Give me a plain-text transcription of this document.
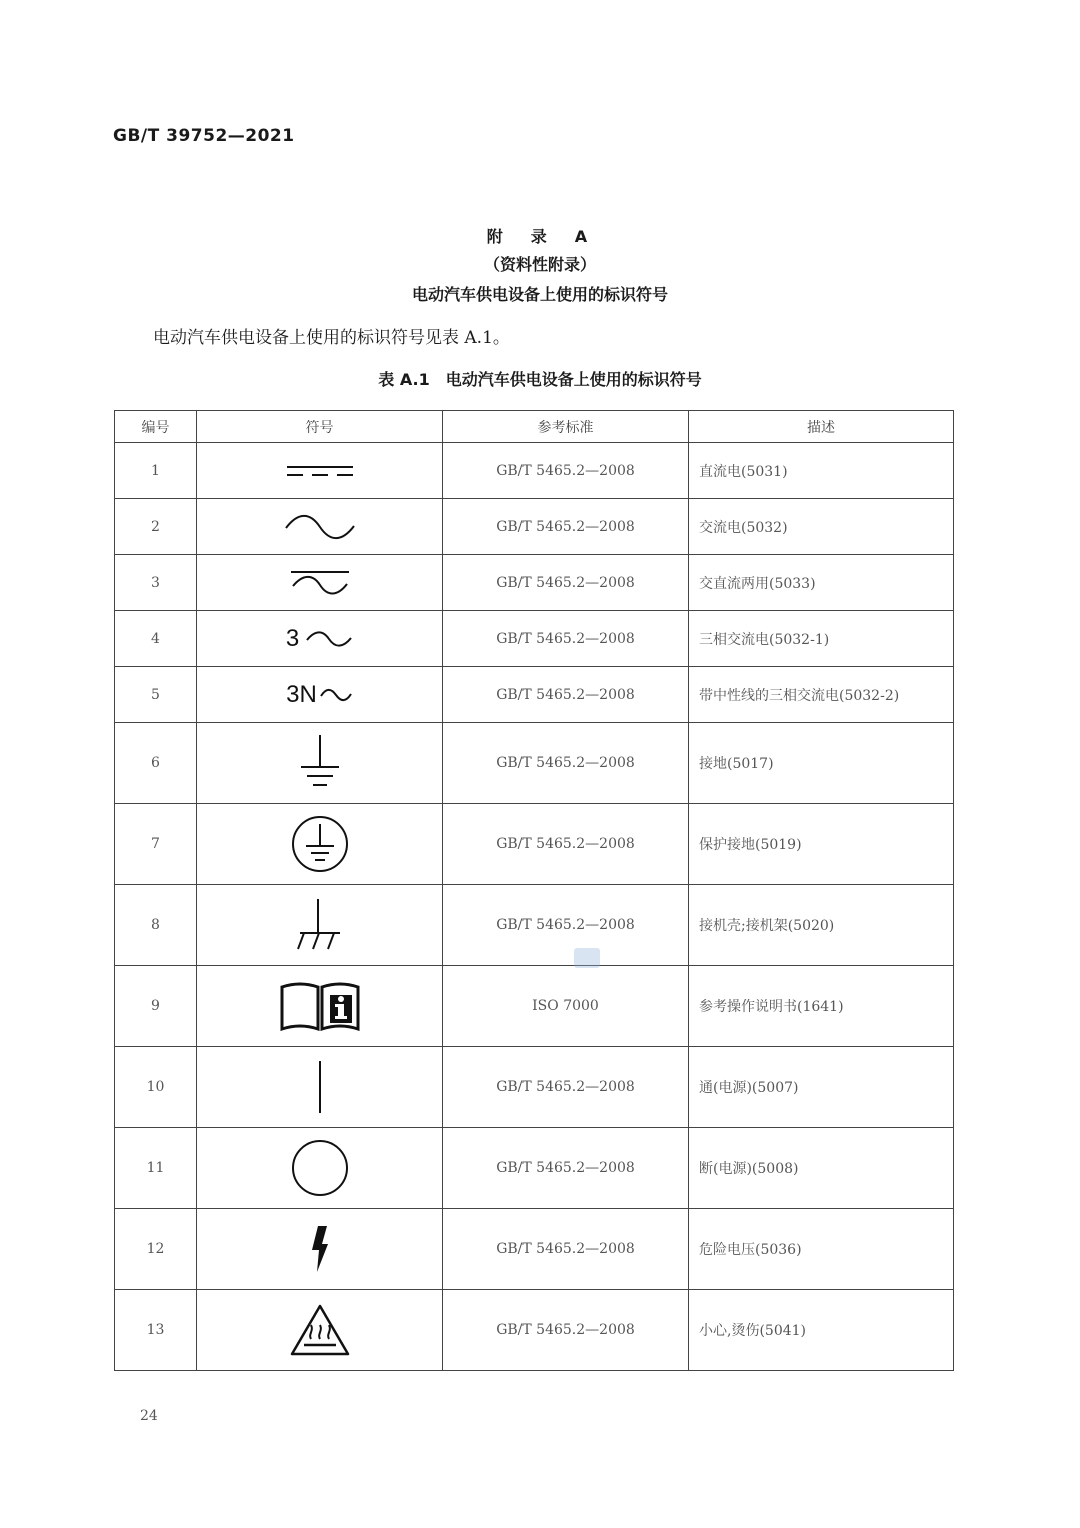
GB/T 39752—2021
附　录　A
（资料性附录）
电动汽车供电设备上使用的标识符号
电动汽车供电设备上使用的标识符号见表 A.1。
表 A.1　电动汽车供电设备上使用的标识符号
编号	符号	参考标准	描述
1		GB/T 5465.2—2008	直流电(5031)
2		GB/T 5465.2—2008	交流电(5032)
3		GB/T 5465.2—2008	交直流两用(5033)
4	3	GB/T 5465.2—2008	三相交流电(5032-1)
5	3N	GB/T 5465.2—2008	带中性线的三相交流电(5032-2)
6		GB/T 5465.2—2008	接地(5017)
7		GB/T 5465.2—2008	保护接地(5019)
8		GB/T 5465.2—2008	接机壳;接机架(5020)
9		ISO 7000	参考操作说明书(1641)
10		GB/T 5465.2—2008	通(电源)(5007)
11		GB/T 5465.2—2008	断(电源)(5008)
12		GB/T 5465.2—2008	危险电压(5036)
13		GB/T 5465.2—2008	小心,烫伤(5041)
24
